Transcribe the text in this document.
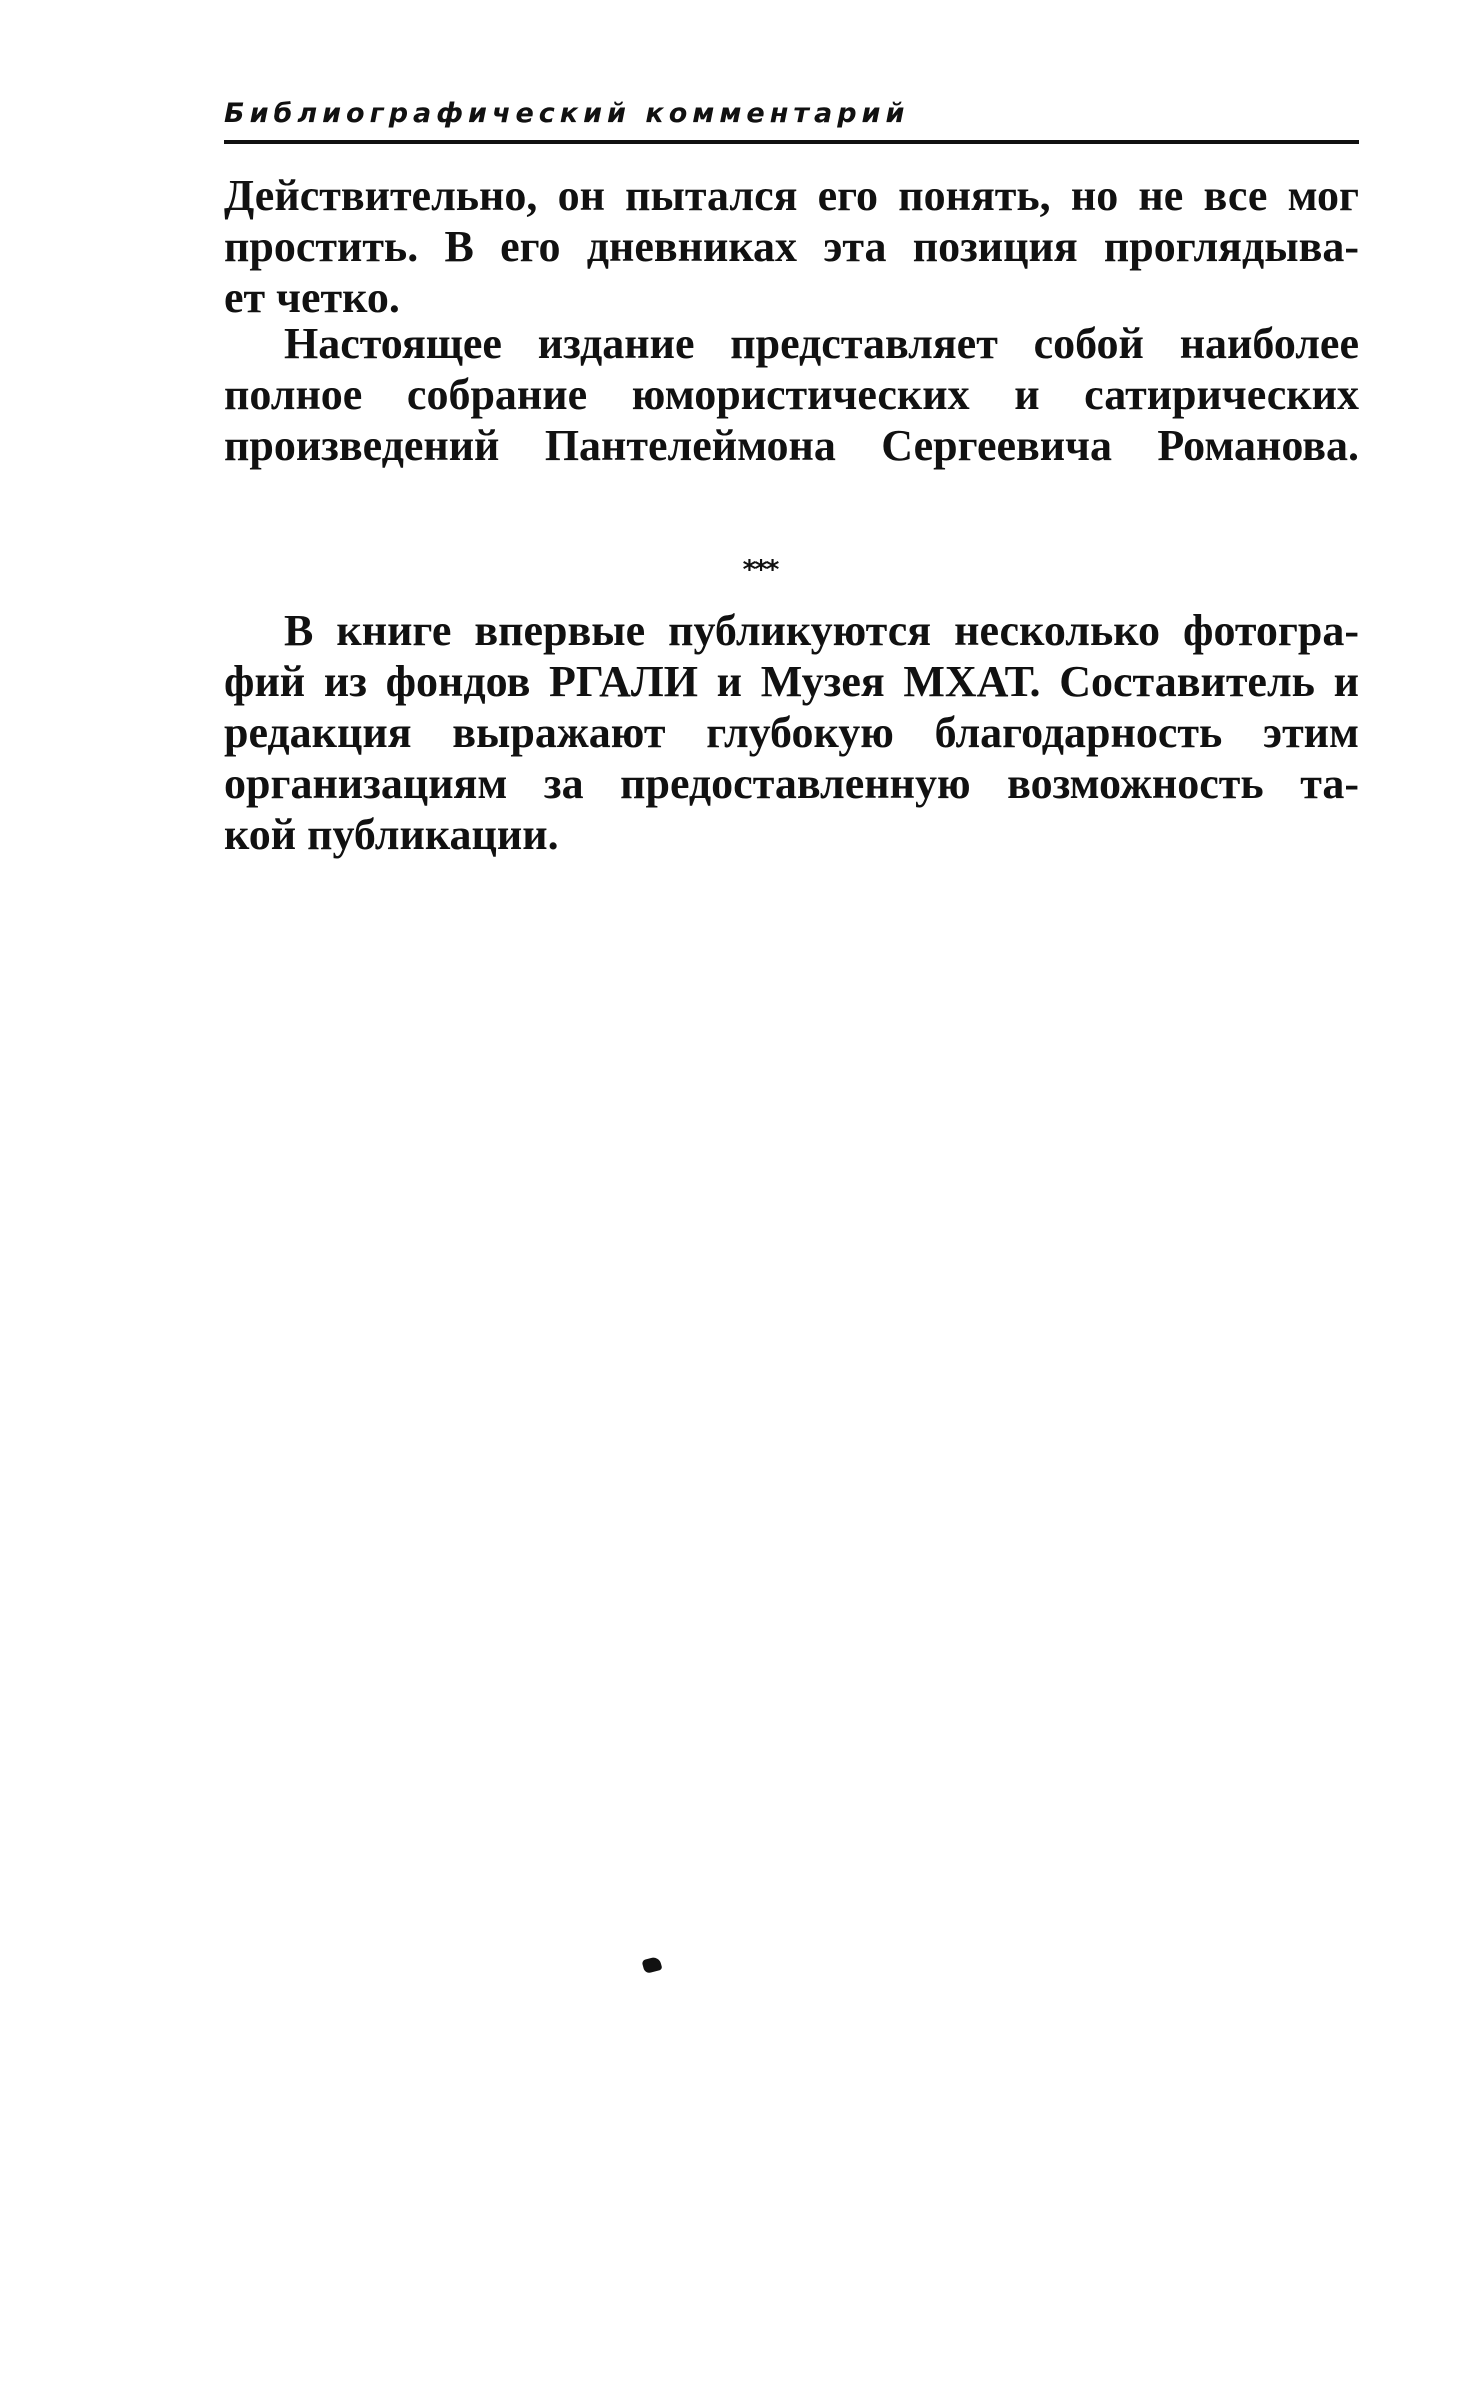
Библиографический комментарий
Действительно, он пытался его понять, но не все мог
простить. В его дневниках эта позиция проглядыва-
ет четко.
Настоящее издание представляет собой наиболее
полное собрание юмористических и сатирических
произведений Пантелеймона Сергеевича Романова.
***
В книге впервые публикуются несколько фотогра-
фий из фондов РГАЛИ и Музея МХАТ. Составитель и
редакция выражают глубокую благодарность этим
организациям за предоставленную возможность та-
кой публикации.
